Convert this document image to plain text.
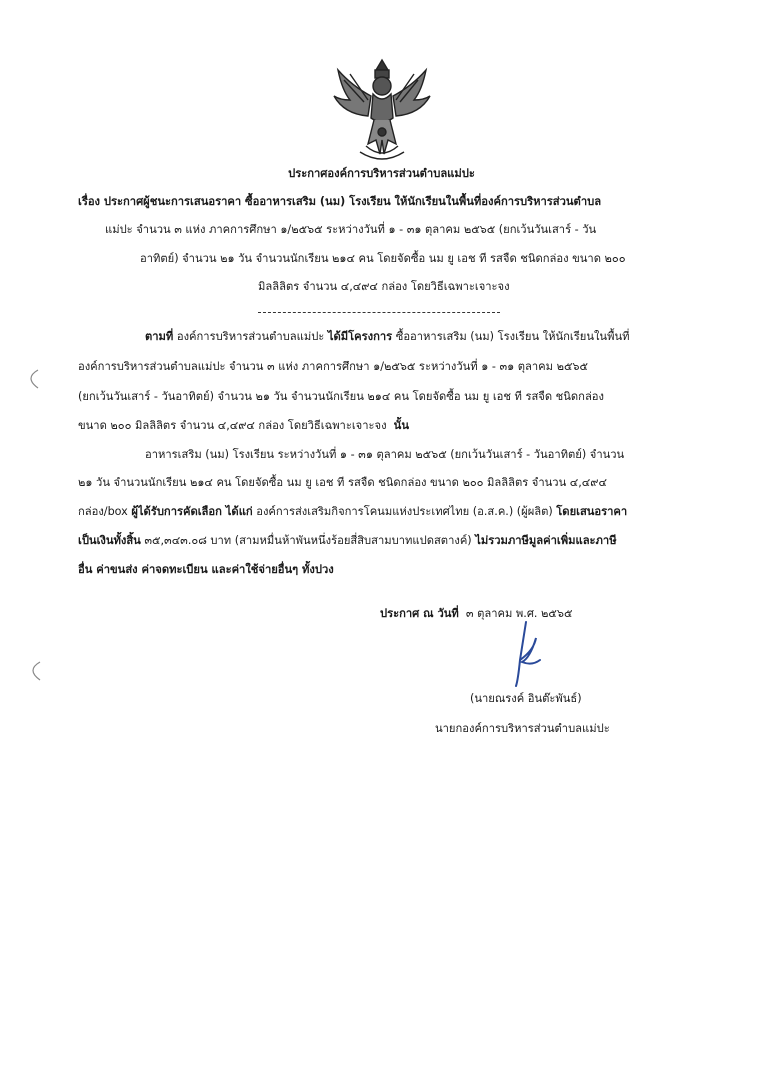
ประกาศองค์การบริหารส่วนตำบลแม่ปะ
เรื่อง ประกาศผู้ชนะการเสนอราคา ซื้ออาหารเสริม (นม) โรงเรียน ให้นักเรียนในพื้นที่องค์การบริหารส่วนตำบล
แม่ปะ จำนวน ๓ แห่ง ภาคการศึกษา ๑/๒๕๖๕ ระหว่างวันที่ ๑ - ๓๑ ตุลาคม ๒๕๖๕ (ยกเว้นวันเสาร์ - วัน
อาทิตย์) จำนวน ๒๑ วัน จำนวนนักเรียน ๒๑๔ คน โดยจัดซื้อ นม ยู เอช ที รสจืด ชนิดกล่อง ขนาด ๒๐๐
มิลลิลิตร จำนวน ๔,๔๙๔ กล่อง โดยวิธีเฉพาะเจาะจง
ตามที่ องค์การบริหารส่วนตำบลแม่ปะ ได้มีโครงการ ซื้ออาหารเสริม (นม) โรงเรียน ให้นักเรียนในพื้นที่
องค์การบริหารส่วนตำบลแม่ปะ จำนวน ๓ แห่ง ภาคการศึกษา ๑/๒๕๖๕ ระหว่างวันที่ ๑ - ๓๑ ตุลาคม ๒๕๖๕
(ยกเว้นวันเสาร์ - วันอาทิตย์) จำนวน ๒๑ วัน จำนวนนักเรียน ๒๑๔ คน โดยจัดซื้อ นม ยู เอช ที รสจืด ชนิดกล่อง
ขนาด ๒๐๐ มิลลิลิตร จำนวน ๔,๔๙๔ กล่อง โดยวิธีเฉพาะเจาะจง นั้น
อาหารเสริม (นม) โรงเรียน ระหว่างวันที่ ๑ - ๓๑ ตุลาคม ๒๕๖๕ (ยกเว้นวันเสาร์ - วันอาทิตย์) จำนวน
๒๑ วัน จำนวนนักเรียน ๒๑๔ คน โดยจัดซื้อ นม ยู เอช ที รสจืด ชนิดกล่อง ขนาด ๒๐๐ มิลลิลิตร จำนวน ๔,๔๙๔
กล่อง/box ผู้ได้รับการคัดเลือก ได้แก่ องค์การส่งเสริมกิจการโคนมแห่งประเทศไทย (อ.ส.ค.) (ผู้ผลิต) โดยเสนอราคา
เป็นเงินทั้งสิ้น ๓๕,๓๔๓.๐๘ บาท (สามหมื่นห้าพันหนึ่งร้อยสี่สิบสามบาทแปดสตางค์) ไม่รวมภาษีมูลค่าเพิ่มและภาษี
อื่น ค่าขนส่ง ค่าจดทะเบียน และค่าใช้จ่ายอื่นๆ ทั้งปวง
ประกาศ ณ วันที่ ๓ ตุลาคม พ.ศ. ๒๕๖๕
(นายณรงค์ อินต๊ะพันธ์)
นายกองค์การบริหารส่วนตำบลแม่ปะ
